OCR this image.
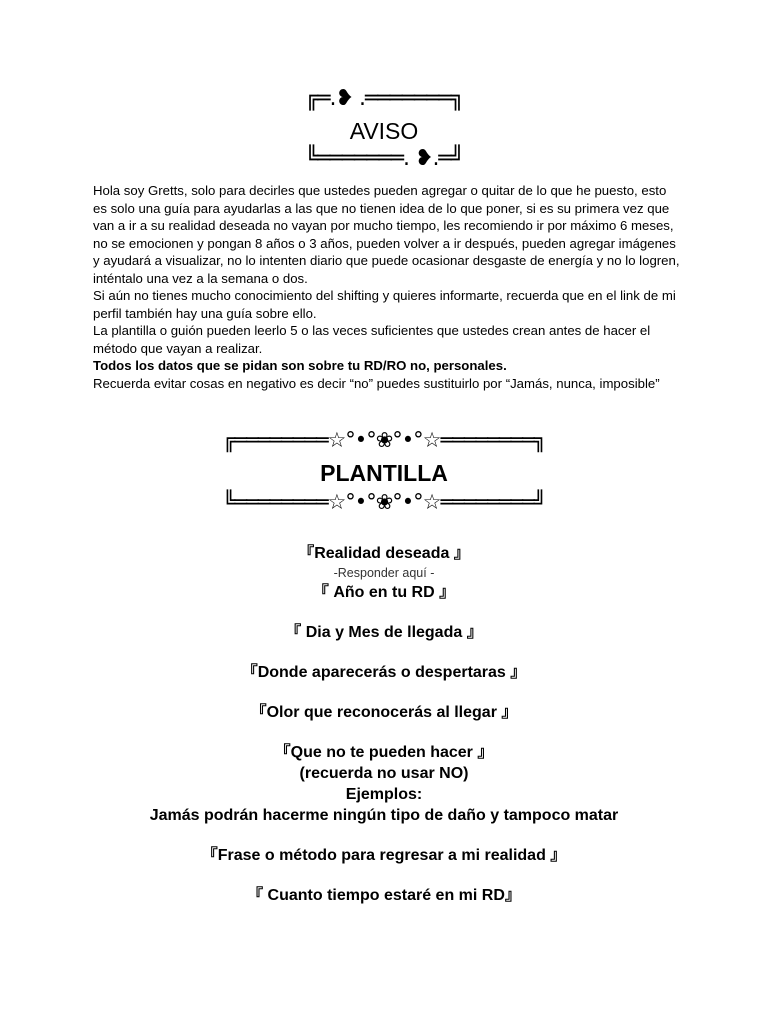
╔═.❥ .═══════╗
AVISO
╚═══════. ❥.═╝

Hola soy Gretts, solo para decirles que ustedes pueden agregar o quitar de lo que he puesto, esto es solo una guía para ayudarlas a las que no tienen idea de lo que poner, si es su primera vez que van a ir a su realidad deseada no vayan por mucho tiempo, les recomiendo ir por máximo 6 meses, no se emocionen y pongan 8 años o 3 años, pueden volver a ir después, pueden agregar imágenes y ayudará a visualizar, no lo intenten diario que puede ocasionar desgaste de energía y no lo logren, inténtalo una vez a la semana o dos.

Si aún no tienes mucho conocimiento del shifting y quieres informarte, recuerda que en el link de mi perfil también hay una guía sobre ello.

La plantilla o guión pueden leerlo 5 o las veces suficientes que ustedes crean antes de hacer el método que vayan a realizar.

Todos los datos que se pidan son sobre tu RD/RO no, personales.

Recuerda evitar cosas en negativo es decir “no” puedes sustituirlo por “Jamás, nunca, imposible”

╔════════☆°•°❀°•°☆════════╗
PLANTILLA
╚════════☆°•°❀°•°☆════════╝

『Realidad deseada 』

-Responder aquí -

『 Año en tu RD 』

『 Dia y Mes de llegada 』

『Donde aparecerás o despertaras 』

『Olor que reconocerás al llegar 』

『Que no te pueden hacer 』

(recuerda no usar NO)

Ejemplos:

Jamás podrán hacerme ningún tipo de daño y tampoco matar

『Frase o método para regresar a mi realidad 』

『 Cuanto tiempo estaré en mi RD』
